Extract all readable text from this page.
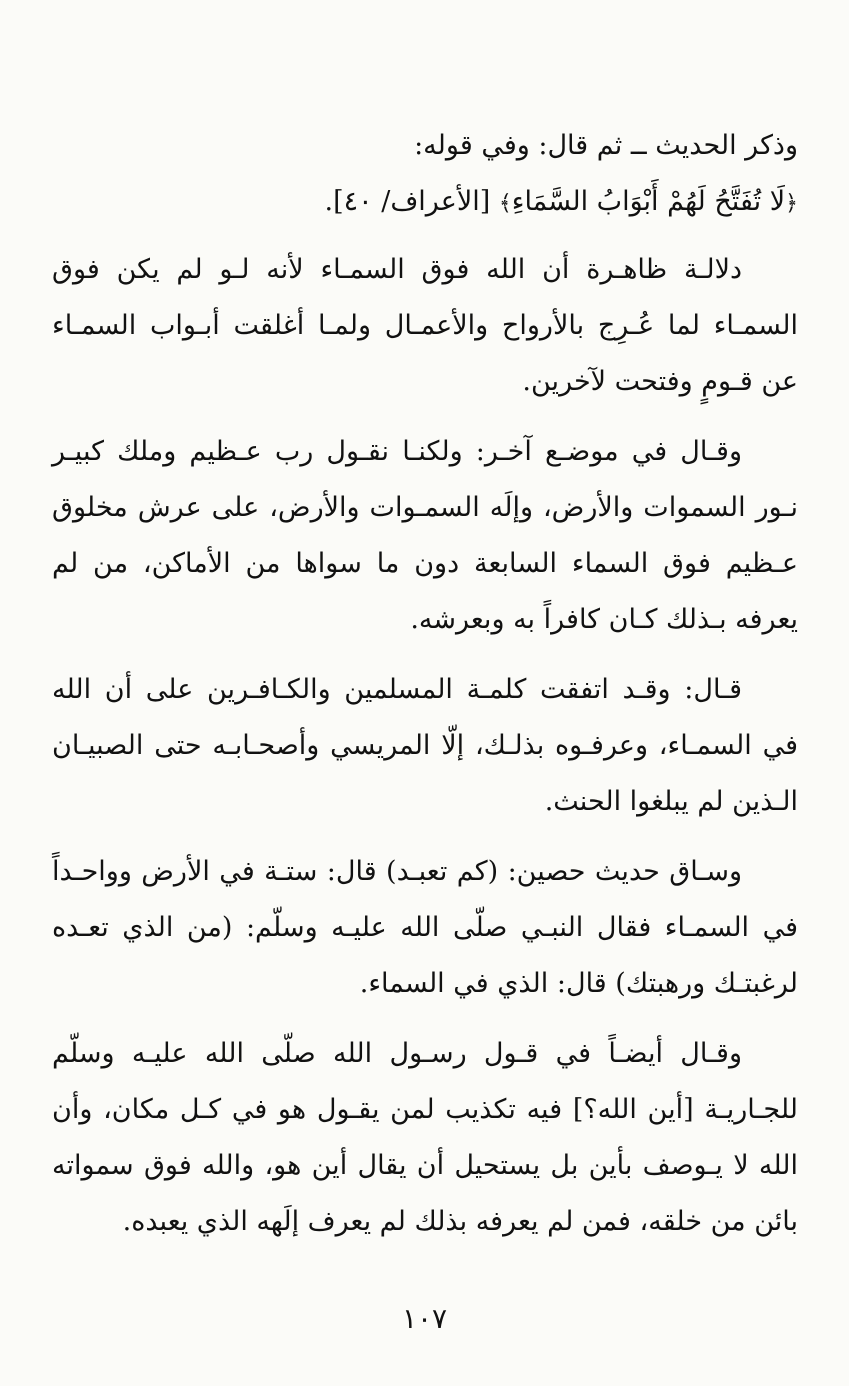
وذكر الحديث ــ ثم قال: وفي قوله:

﴿لَا تُفَتَّحُ لَهُمْ أَبْوَابُ السَّمَاءِ﴾ [الأعراف/ ٤٠].

دلالـة ظاهـرة أن الله فوق السمـاء لأنه لـو لم يكن فوق السمـاء لما عُـرِج بالأرواح والأعمـال ولمـا أغلقت أبـواب السمـاء عن قـومٍ وفتحت لآخرين.

وقـال في موضـع آخـر: ولكنـا نقـول رب عـظيم وملك كبيـر نـور السموات والأرض، وإلَه السمـوات والأرض، على عرش مخلوق عـظيم فوق السماء السابعة دون ما سواها من الأماكن، من لم يعرفه بـذلك كـان كافراً به وبعرشه.

قـال: وقـد اتفقت كلمـة المسلمين والكـافـرين على أن الله في السمـاء، وعرفـوه بذلـك، إلّا المريسي وأصحـابـه حتى الصبيـان الـذين لم يبلغوا الحنث.

وسـاق حديث حصين: (كم تعبـد) قال: ستـة في الأرض وواحـداً في السمـاء فقال النبـي صلّى الله عليـه وسلّم: (من الذي تعـده لرغبتـك ورهبتك) قال: الذي في السماء.

وقـال أيضـاً في قـول رسـول الله صلّى الله عليـه وسلّم للجـاريـة [أين الله؟] فيه تكذيب لمن يقـول هو في كـل مكان، وأن الله لا يـوصف بأين بل يستحيل أن يقال أين هو، والله فوق سمواته بائن من خلقه، فمن لم يعرفه بذلك لم يعرف إلَهه الذي يعبده.

١٠٧
